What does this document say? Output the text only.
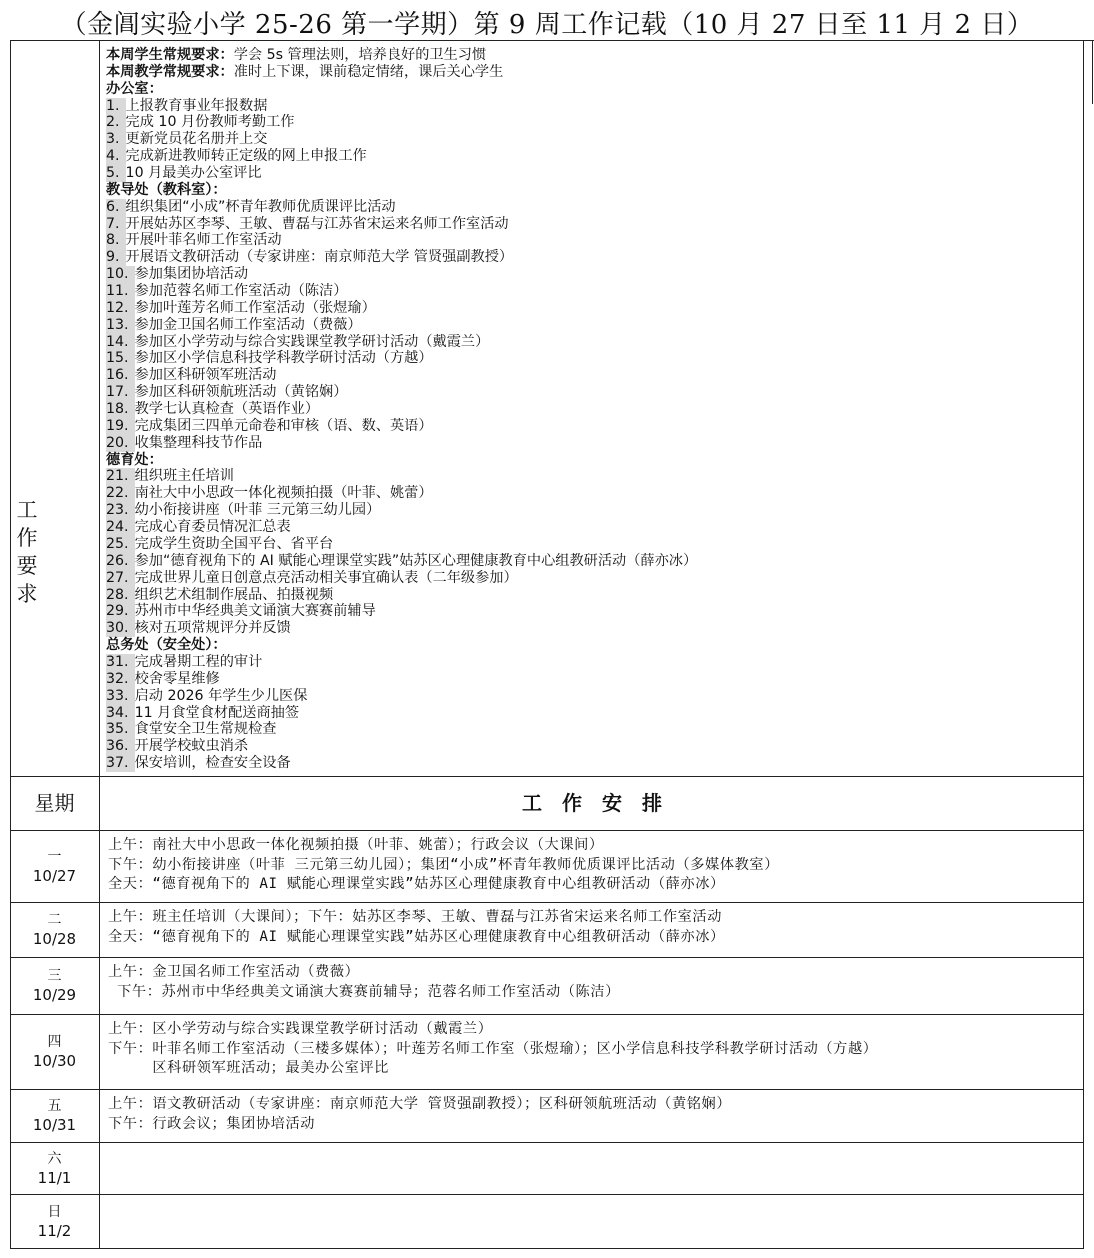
（金阊实验小学 25-26 第一学期）第 9 周工作记载（10 月 27 日至 11 月 2 日）
工作要求
本周学生常规要求：学会 5s 管理法则，培养良好的卫生习惯
本周教学常规要求：准时上下课，课前稳定情绪，课后关心学生
办公室：
1. 上报教育事业年报数据
2. 完成 10 月份教师考勤工作
3. 更新党员花名册并上交
4. 完成新进教师转正定级的网上申报工作
5. 10 月最美办公室评比
教导处（教科室）：
6. 组织集团“小成”杯青年教师优质课评比活动
7. 开展姑苏区李琴、王敏、曹磊与江苏省宋运来名师工作室活动
8. 开展叶菲名师工作室活动
9. 开展语文教研活动（专家讲座：南京师范大学 管贤强副教授）
10. 参加集团协培活动
11. 参加范蓉名师工作室活动（陈洁）
12. 参加叶莲芳名师工作室活动（张煜瑜）
13. 参加金卫国名师工作室活动（费薇）
14. 参加区小学劳动与综合实践课堂教学研讨活动（戴霞兰）
15. 参加区小学信息科技学科教学研讨活动（方越）
16. 参加区科研领军班活动
17. 参加区科研领航班活动（黄铭娴）
18. 教学七认真检查（英语作业）
19. 完成集团三四单元命卷和审核（语、数、英语）
20. 收集整理科技节作品
德育处：
21. 组织班主任培训
22. 南社大中小思政一体化视频拍摄（叶菲、姚蕾）
23. 幼小衔接讲座（叶菲 三元第三幼儿园）
24. 完成心育委员情况汇总表
25. 完成学生资助全国平台、省平台
26. 参加“德育视角下的 AI 赋能心理课堂实践”姑苏区心理健康教育中心组教研活动（薛亦冰）
27. 完成世界儿童日创意点亮活动相关事宜确认表（二年级参加）
28. 组织艺术组制作展品、拍摄视频
29. 苏州市中华经典美文诵演大赛赛前辅导
30. 核对五项常规评分并反馈
总务处（安全处）：
31. 完成暑期工程的审计
32. 校舍零星维修
33. 启动 2026 年学生少儿医保
34. 11 月食堂食材配送商抽签
35. 食堂安全卫生常规检查
36. 开展学校蚊虫消杀
37. 保安培训，检查安全设备
星期	工　作　安　排
一
10/27
上午：南社大中小思政一体化视频拍摄（叶菲、姚蕾）；行政会议（大课间）
下午：幼小衔接讲座（叶菲 三元第三幼儿园）；集团“小成”杯青年教师优质课评比活动（多媒体教室）
全天：“德育视角下的 AI 赋能心理课堂实践”姑苏区心理健康教育中心组教研活动（薛亦冰）
二
10/28
上午：班主任培训（大课间）；下午：姑苏区李琴、王敏、曹磊与江苏省宋运来名师工作室活动
全天：“德育视角下的 AI 赋能心理课堂实践”姑苏区心理健康教育中心组教研活动（薛亦冰）
三
10/29
上午：金卫国名师工作室活动（费薇）
下午：苏州市中华经典美文诵演大赛赛前辅导；范蓉名师工作室活动（陈洁）
四
10/30
上午：区小学劳动与综合实践课堂教学研讨活动（戴霞兰）
下午：叶菲名师工作室活动（三楼多媒体）；叶莲芳名师工作室（张煜瑜）；区小学信息科技学科教学研讨活动（方越）
　　　区科研领军班活动；最美办公室评比
五
10/31
上午：语文教研活动（专家讲座：南京师范大学 管贤强副教授）；区科研领航班活动（黄铭娴）
下午：行政会议；集团协培活动
六
11/1
日
11/2
